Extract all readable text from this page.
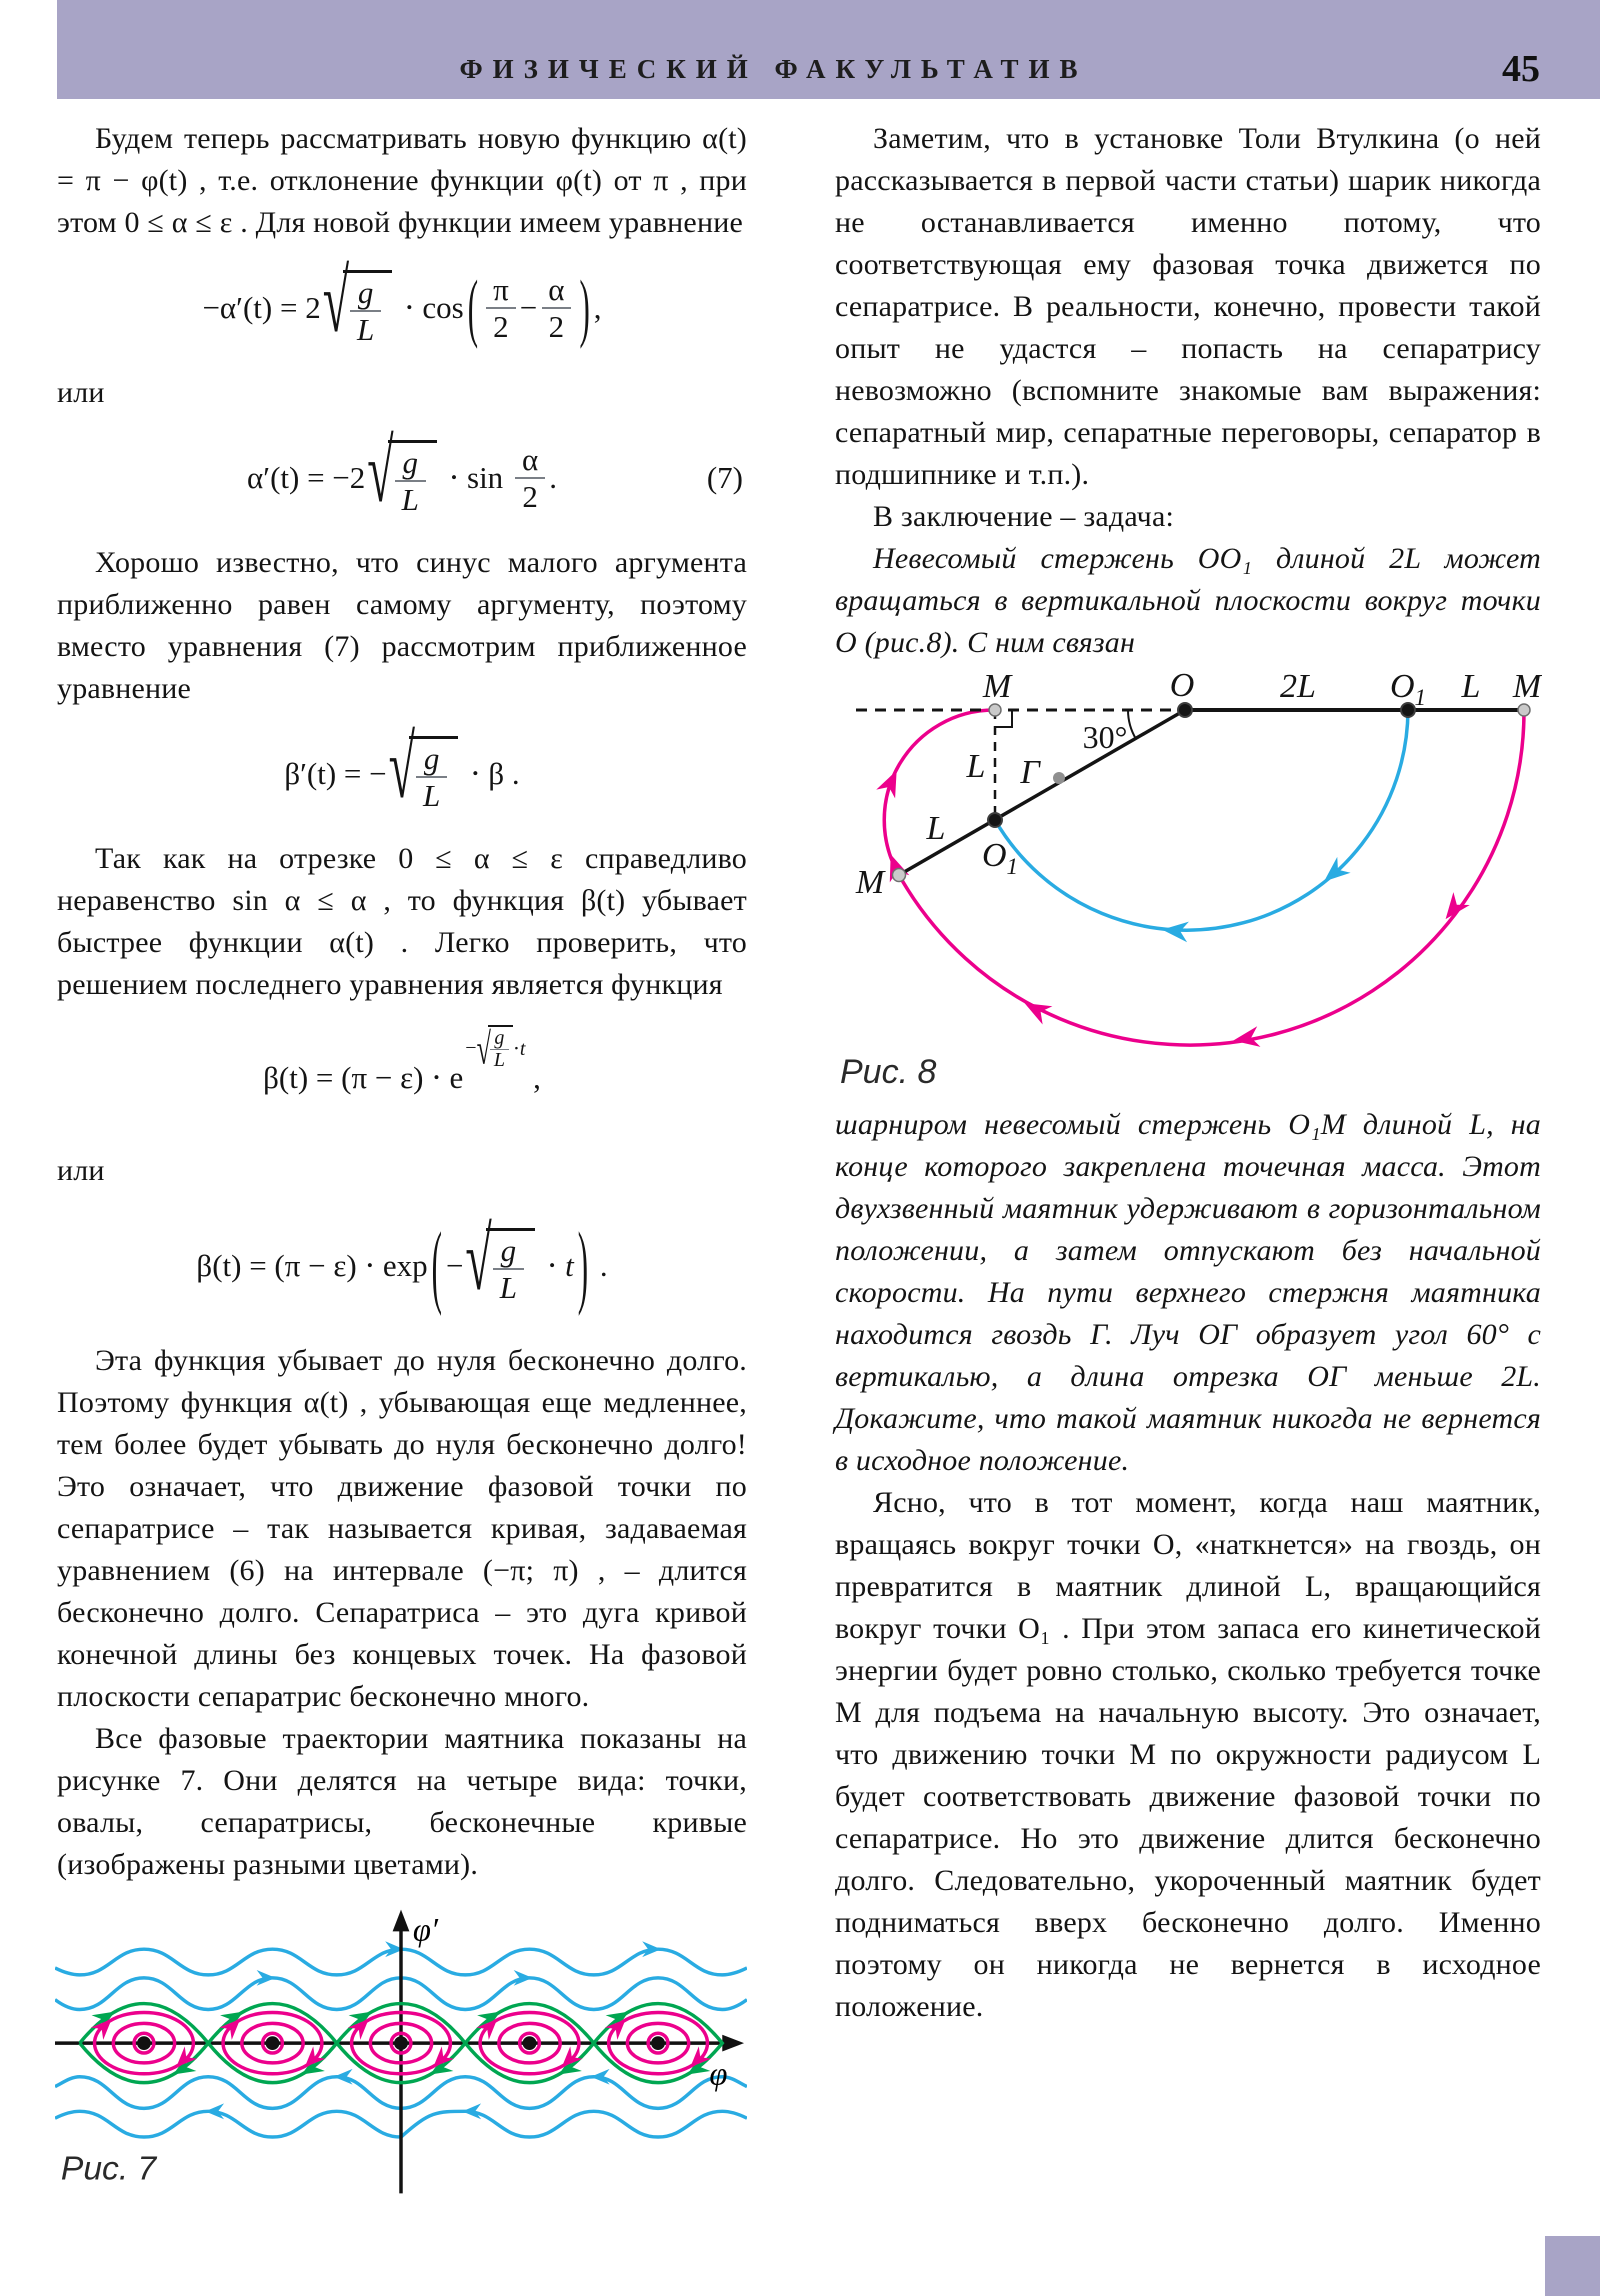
ФИЗИЧЕСКИЙ ФАКУЛЬТАТИВ	45

Будем теперь рассматривать новую функцию α(t) = π − φ(t) , т.е. отклонение функции φ(t) от π , при этом 0 ≤ α ≤ ε . Для новой функции имеем уравнение

−α′(t) = 2 √ $\frac{g}{L} \cdot \cos$ ( $\frac{\pi}{2} - \frac{\alpha}{2}$ ) ,

или

α′(t) = −2 √ $\frac{g}{L} \cdot \sin \frac{\alpha}{2}$ .	(7)

Хорошо известно, что синус малого аргумента приближенно равен самому аргументу, поэтому вместо уравнения (7) рассмотрим приближенное уравнение

β′(t) = − √ $\frac{g}{L} \cdot \beta$ .

Так как на отрезке 0 ≤ α ≤ ε справедливо неравенство sin α ≤ α , то функция β(t) убывает быстрее функции α(t) . Легко проверить, что решением последнего уравнения является функция

β(t) = (π − ε) ⋅ e
− √ g
L
⋅t
,

или

β(t) = (π − ε) ⋅ exp ( − √ $\frac{g}{L} \cdot t$ ) .

Эта функция убывает до нуля бесконечно долго. Поэтому функция α(t) , убывающая еще медленнее, тем более будет убывать до нуля бесконечно долго! Это означает, что движение фазовой точки по сепаратрисе – так называется кривая, задаваемая уравнением (6) на интервале (−π; π) , – длится бесконечно долго. Сепаратриса – это дуга кривой конечной длины без концевых точек. На фазовой плоскости сепаратрис бесконечно много.

Все фазовые траектории маятника показаны на рисунке 7. Они делятся на четыре вида: точки, овалы, сепаратрисы, бесконечные кривые (изображены разными цветами).

φ′
φ
Рис. 7

Заметим, что в установке Толи Втулкина (о ней рассказывается в первой части статьи) шарик никогда не останавливается именно потому, что соответствующая ему фазовая точка движется по сепаратрисе. В реальности, конечно, провести такой опыт не удастся – попасть на сепаратрису невозможно (вспомните знакомые вам выражения: сепаратный мир, сепаратные переговоры, сепаратор в подшипнике и т.п.).

В заключение – задача:

Невесомый стержень OO₁ длиной 2L может вращаться в вертикальной плоскости вокруг точки O (рис.8). С ним связан

M	O	2L $O_1$ L M
30°
Г
L
L
$O_1$
M
Рис. 8

шарниром невесомый стержень O₁M длиной L, на конце которого закреплена точечная масса. Этот двухзвенный маятник удерживают в горизонтальном положении, а затем отпускают без начальной скорости. На пути верхнего стержня маятника находится гвоздь Г. Луч ОГ образует угол 60° с вертикалью, а длина отрезка ОГ меньше 2L. Докажите, что такой маятник никогда не вернется в исходное положение.

Ясно, что в тот момент, когда наш маятник, вращаясь вокруг точки O, «наткнется» на гвоздь, он превратится в маятник длиной L, вращающийся вокруг точки O₁ . При этом запаса его кинетической энергии будет ровно столько, сколько требуется точке M для подъема на начальную высоту. Это означает, что движению точки M по окружности радиусом L будет соответствовать движение фазовой точки по сепаратрисе. Но это движение длится бесконечно долго. Следовательно, укороченный маятник будет подниматься вверх бесконечно долго. Именно поэтому он никогда не вернется в исходное положение.
